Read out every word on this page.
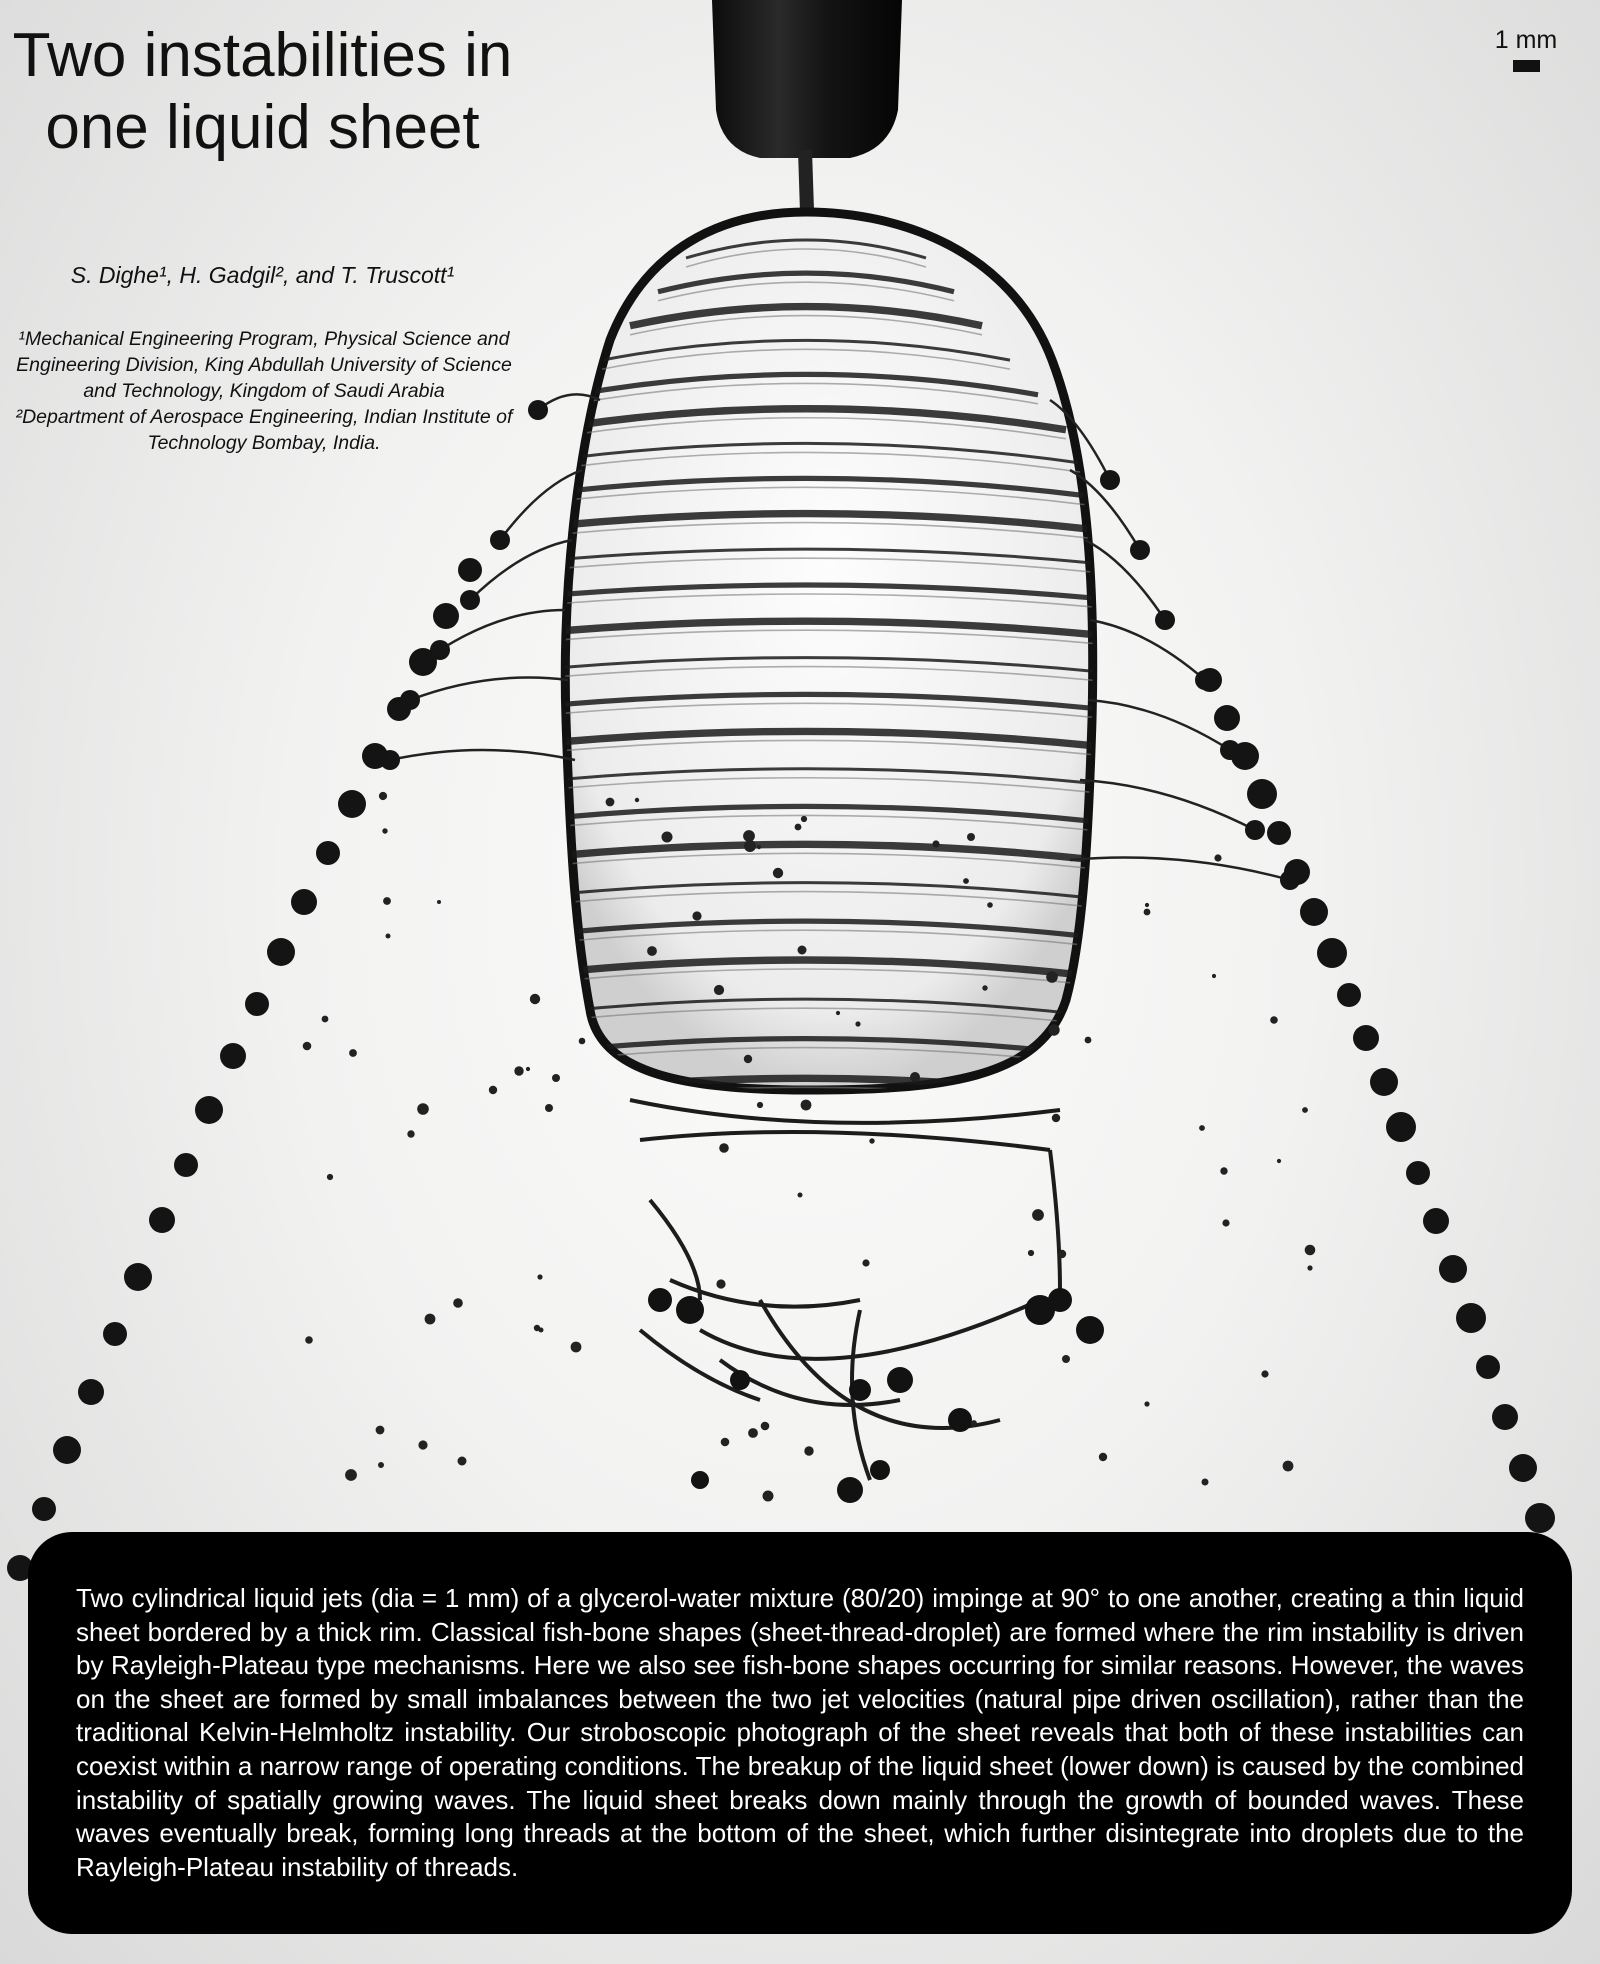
Two instabilities in one liquid sheet
S. Dighe¹, H. Gadgil², and T. Truscott¹

¹Mechanical Engineering Program, Physical Science and Engineering Division, King Abdullah University of Science and Technology, Kingdom of Saudi Arabia

²Department of Aerospace Engineering, Indian Institute of Technology Bombay, India.

1 mm

Two cylindrical liquid jets (dia = 1 mm) of a glycerol-water mixture (80/20) impinge at 90° to one another, creating a thin liquid sheet bordered by a thick rim. Classical fish-bone shapes (sheet-thread-droplet) are formed where the rim instability is driven by Rayleigh-Plateau type mechanisms. Here we also see fish-bone shapes occurring for similar reasons. However, the waves on the sheet are formed by small imbalances between the two jet velocities (natural pipe driven oscillation), rather than the traditional Kelvin-Helmholtz instability. Our stroboscopic photograph of the sheet reveals that both of these instabilities can coexist within a narrow range of operating conditions. The breakup of the liquid sheet (lower down) is caused by the combined instability of spatially growing waves. The liquid sheet breaks down mainly through the growth of bounded waves. These waves eventually break, forming long threads at the bottom of the sheet, which further disintegrate into droplets due to the Rayleigh-Plateau instability of threads.
